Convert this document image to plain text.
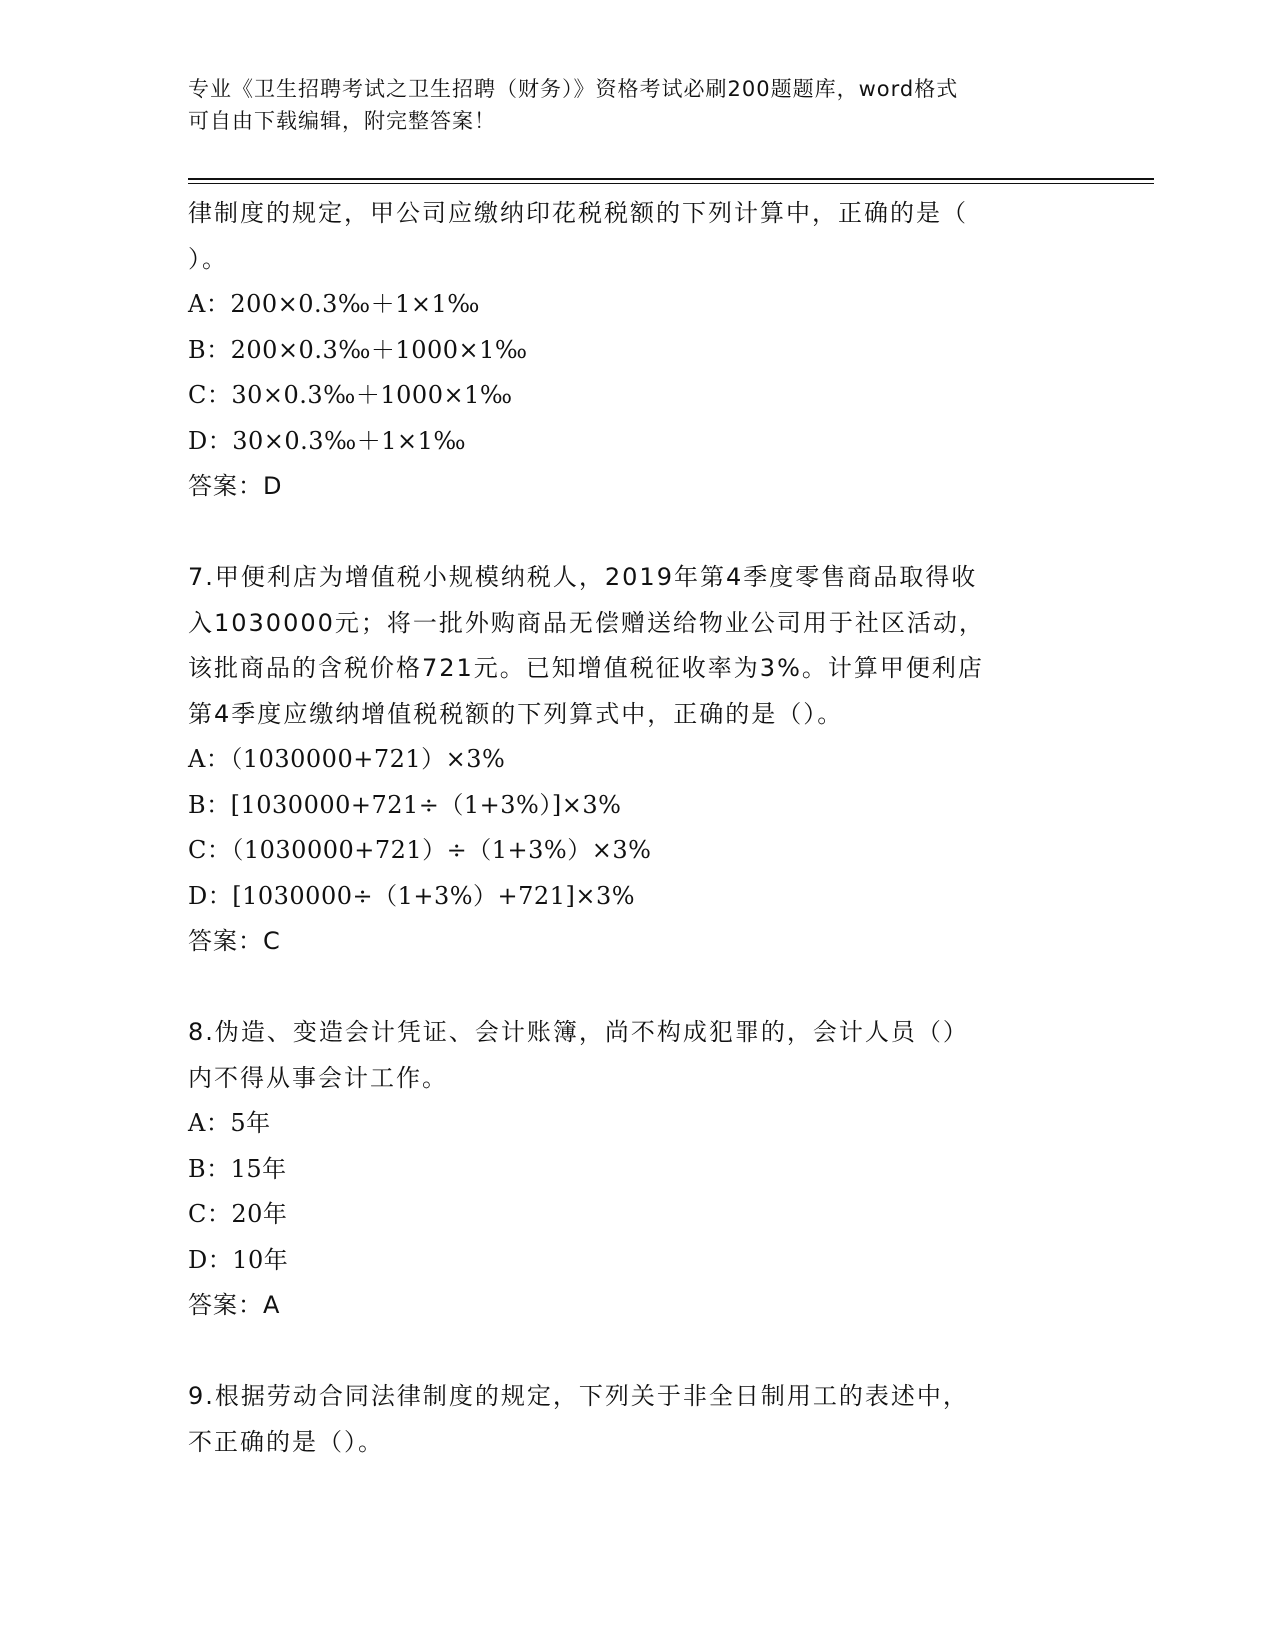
专业《卫生招聘考试之卫生招聘（财务）》资格考试必刷200题题库，word格式
可自由下载编辑，附完整答案！
律制度的规定，甲公司应缴纳印花税税额的下列计算中，正确的是（
）。
A：200×0.3‰＋1×1‰
B：200×0.3‰＋1000×1‰
C：30×0.3‰＋1000×1‰
D：30×0.3‰＋1×1‰
答案：D
7.甲便利店为增值税小规模纳税人，2019年第4季度零售商品取得收
入1030000元；将一批外购商品无偿赠送给物业公司用于社区活动，
该批商品的含税价格721元。已知增值税征收率为3%。计算甲便利店
第4季度应缴纳增值税税额的下列算式中，正确的是（）。
A：（1030000+721）×3%
B：[1030000+721÷（1+3%）]×3%
C：（1030000+721）÷（1+3%）×3%
D：[1030000÷（1+3%）+721]×3%
答案：C
8.伪造、变造会计凭证、会计账簿，尚不构成犯罪的，会计人员（）
内不得从事会计工作。
A：5年
B：15年
C：20年
D：10年
答案：A
9.根据劳动合同法律制度的规定，下列关于非全日制用工的表述中，
不正确的是（）。
